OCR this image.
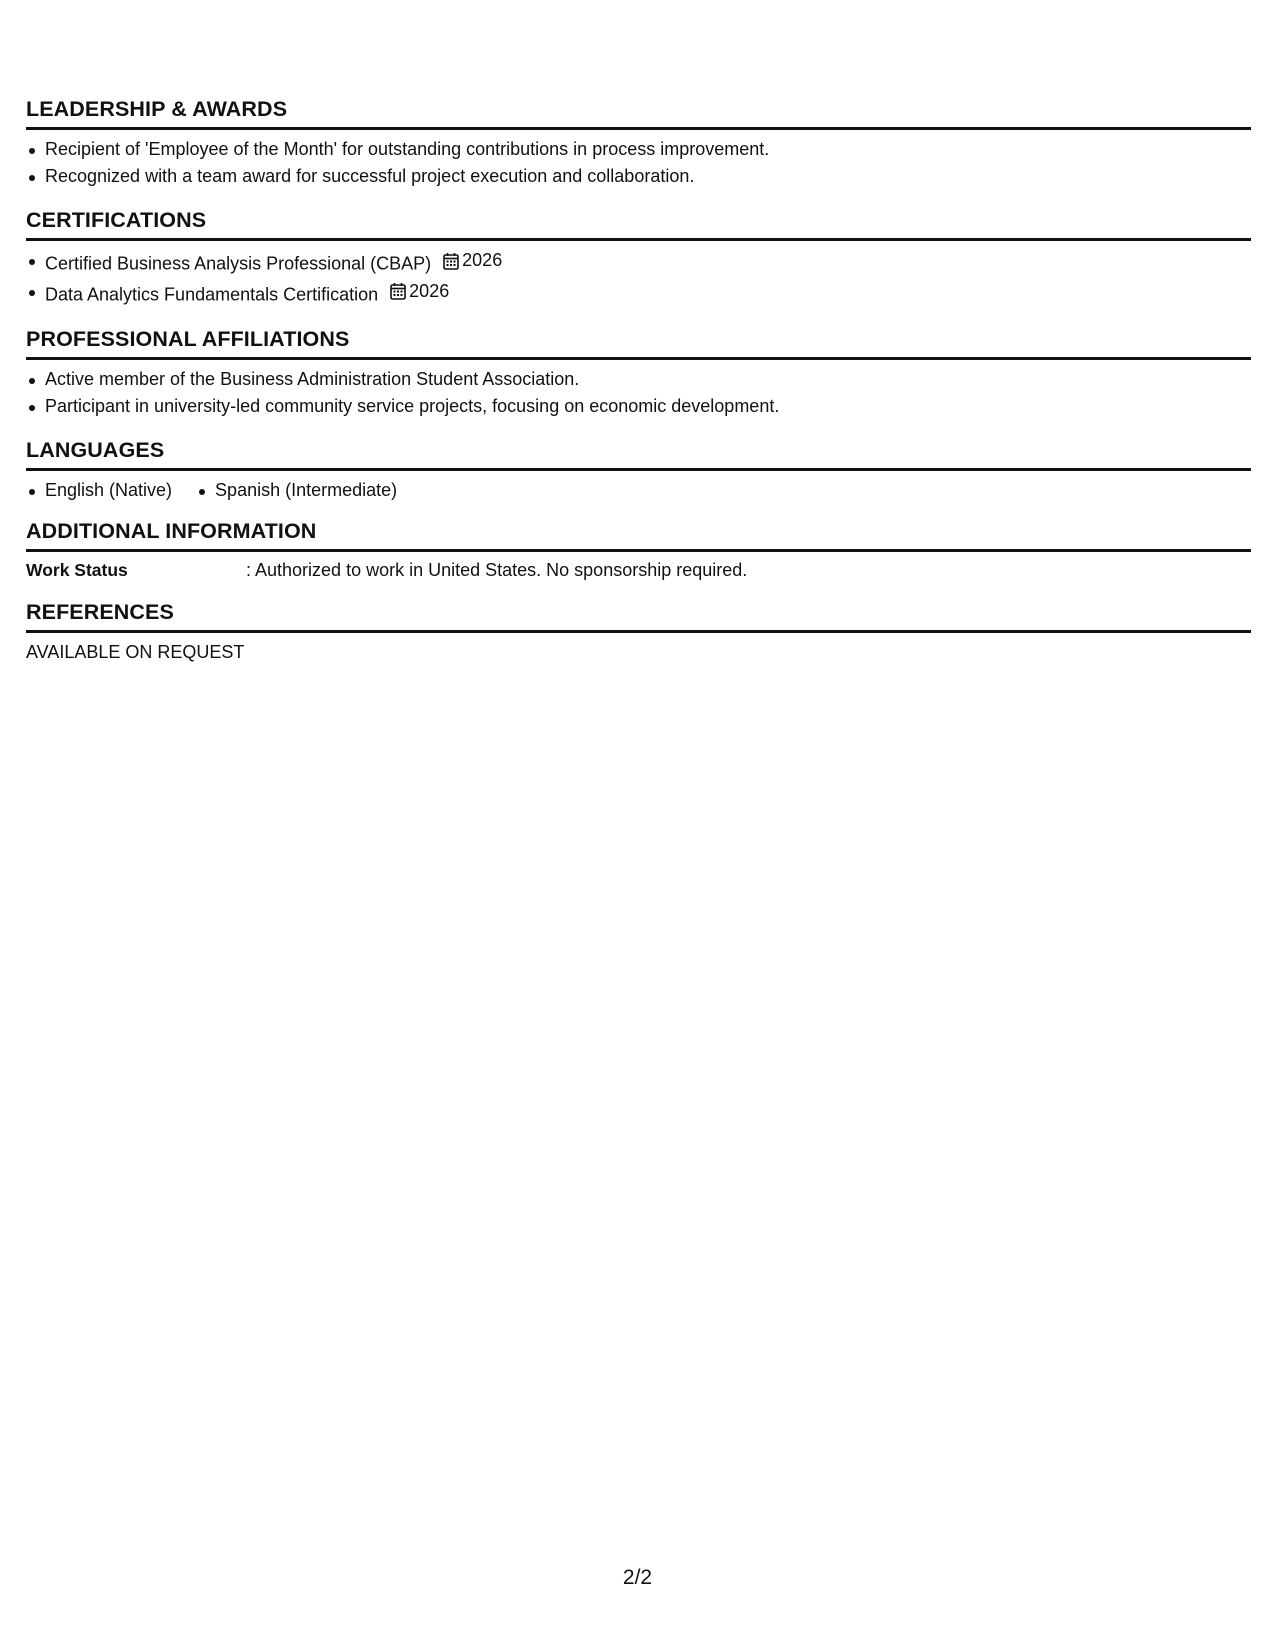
LEADERSHIP & AWARDS
Recipient of 'Employee of the Month' for outstanding contributions in process improvement.
Recognized with a team award for successful project execution and collaboration.
CERTIFICATIONS
Certified Business Analysis Professional (CBAP) 2026
Data Analytics Fundamentals Certification 2026
PROFESSIONAL AFFILIATIONS
Active member of the Business Administration Student Association.
Participant in university-led community service projects, focusing on economic development.
LANGUAGES
English (Native)	Spanish (Intermediate)
ADDITIONAL INFORMATION
Work Status	: Authorized to work in United States. No sponsorship required.
REFERENCES
AVAILABLE ON REQUEST
2/2
